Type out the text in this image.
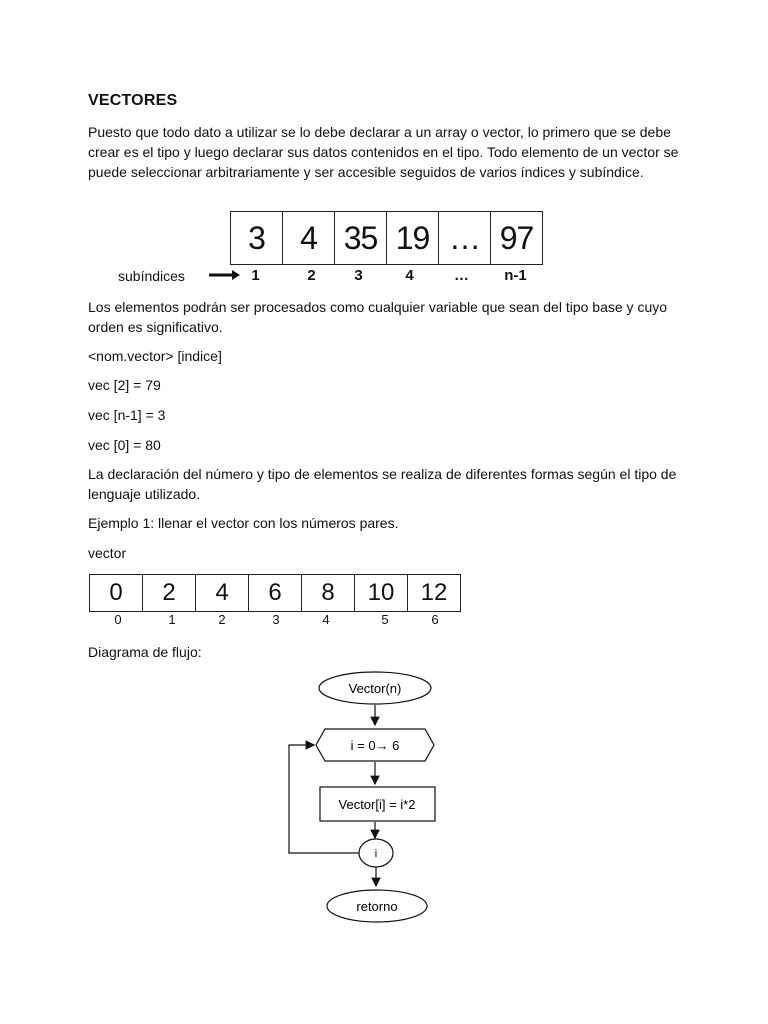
VECTORES

Puesto que todo dato a utilizar se lo debe declarar a un array o vector, lo primero que se debe crear es el tipo y luego declarar sus datos contenidos en el tipo. Todo elemento de un vector se puede seleccionar arbitrariamente y ser accesible seguidos de varios índices y subíndice.

3	4 35 19 … 97
subíndices	1	2	3	4	…	n-1

Los elementos podrán ser procesados como cualquier variable que sean del tipo base y cuyo orden es significativo.

<nom.vector> [indice]

vec [2] = 79

vec [n-1] = 3

vec [0] = 80

La declaración del número y tipo de elementos se realiza de diferentes formas según el tipo de lenguaje utilizado.

Ejemplo 1: llenar el vector con los números pares.

vector

0	2	4	6	8	10	12
0	1	2	3	4	5	6

Diagrama de flujo:

Vector(n)
i = 0→ 6
Vector[i] = i*2
i
retorno
